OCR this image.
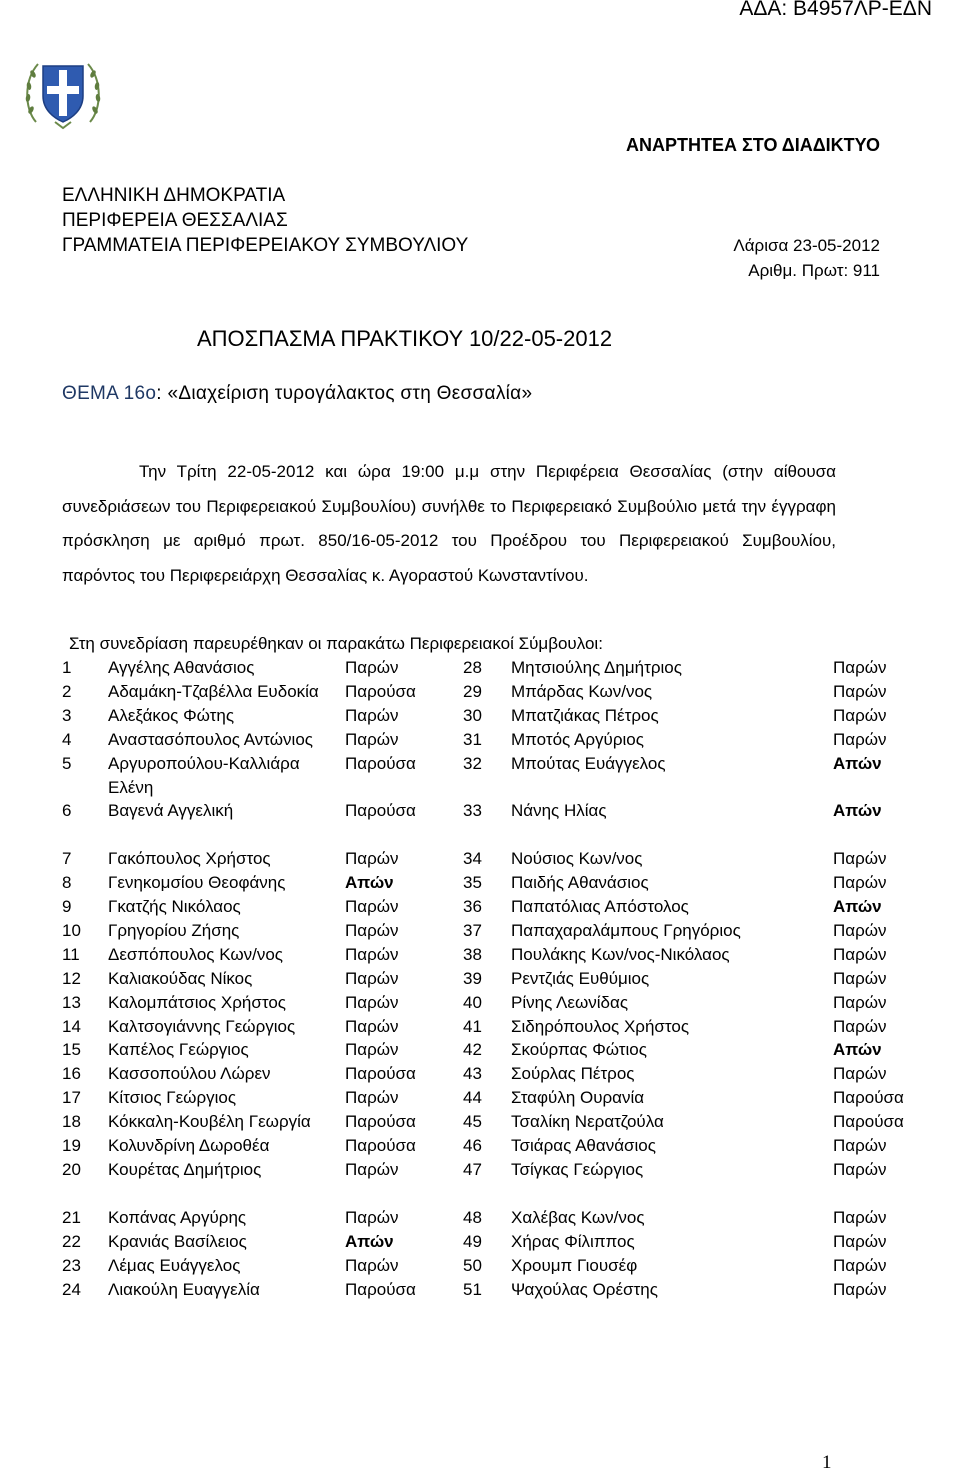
ΑΔΑ: Β4957ΛΡ-ΕΔΝ
ΑΝΑΡΤΗΤΕΑ ΣΤΟ ΔΙΑΔΙΚΤΥΟ
ΕΛΛΗΝΙΚΗ ΔΗΜΟΚΡΑΤΙΑ
ΠΕΡΙΦΕΡΕΙΑ ΘΕΣΣΑΛΙΑΣ
ΓΡΑΜΜΑΤΕΙΑ ΠΕΡΙΦΕΡΕΙΑΚΟΥ ΣΥΜΒΟΥΛΙΟΥ	Λάρισα 23-05-2012
Αριθμ. Πρωτ: 911
ΑΠΟΣΠΑΣΜΑ ΠΡΑΚΤΙΚΟΥ 10/22-05-2012
ΘΕΜΑ 16ο: «Διαχείριση τυρογάλακτος στη Θεσσαλία»

Την Τρίτη 22-05-2012 και ώρα 19:00 μ.μ στην Περιφέρεια Θεσσαλίας (στην αίθουσα συνεδριάσεων του Περιφερειακού Συμβουλίου) συνήλθε το Περιφερειακό Συμβούλιο μετά την έγγραφη πρόσκληση με αριθμό πρωτ. 850/16-05-2012 του Προέδρου του Περιφερειακού Συμβουλίου, παρόντος του Περιφερειάρχη Θεσσαλίας κ. Αγοραστού Κωνσταντίνου.

Στη συνεδρίαση παρευρέθηκαν οι παρακάτω Περιφερειακοί Σύμβουλοι:
1	Αγγέλης Αθανάσιος	Παρών	28	Μητσιούλης Δημήτριος	Παρών
2	Αδαμάκη-Τζαβέλλα Ευδοκία	Παρούσα	29	Μπάρδας Κων/νος	Παρών
3	Αλεξάκος Φώτης	Παρών	30	Μπατζιάκας Πέτρος	Παρών
4	Αναστασόπουλος Αντώνιος	Παρών	31	Μποτός Αργύριος	Παρών
5	Αργυροπούλου-Καλλιάρα Ελένη	Παρούσα	32	Μπούτας Ευάγγελος	Απών
6	Βαγενά Αγγελική	Παρούσα	33	Νάνης Ηλίας	Απών
7	Γακόπουλος Χρήστος	Παρών	34	Νούσιος Κων/νος	Παρών
8	Γενηκομσίου Θεοφάνης	Απών	35	Παιδής Αθανάσιος	Παρών
9	Γκατζής Νικόλαος	Παρών	36	Παπατόλιας Απόστολος	Απών
10	Γρηγορίου Ζήσης	Παρών	37	Παπαχαραλάμπους Γρηγόριος	Παρών
11	Δεσπόπουλος Κων/νος	Παρών	38	Πουλάκης Κων/νος-Νικόλαος	Παρών
12	Καλιακούδας Νίκος	Παρών	39	Ρεντζιάς Ευθύμιος	Παρών
13	Καλομπάτσιος Χρήστος	Παρών	40	Ρίνης Λεωνίδας	Παρών
14	Καλτσογιάννης Γεώργιος	Παρών	41	Σιδηρόπουλος Χρήστος	Παρών
15	Καπέλος Γεώργιος	Παρών	42	Σκούρπας Φώτιος	Απών
16	Κασσοπούλου Λώρεν	Παρούσα	43	Σούρλας Πέτρος	Παρών
17	Κίτσιος Γεώργιος	Παρών	44	Σταφύλη Ουρανία	Παρούσα
18	Κόκκαλη-Κουβέλη Γεωργία	Παρούσα	45	Τσαλίκη Νερατζούλα	Παρούσα
19	Κολυνδρίνη Δωροθέα	Παρούσα	46	Τσιάρας Αθανάσιος	Παρών
20	Κουρέτας Δημήτριος	Παρών	47	Τσίγκας Γεώργιος	Παρών
21	Κοπάνας Αργύρης	Παρών	48	Χαλέβας Κων/νος	Παρών
22	Κρανιάς Βασίλειος	Απών	49	Χήρας Φίλιππος	Παρών
23	Λέμας Ευάγγελος	Παρών	50	Χρουμπ Γιουσέφ	Παρών
24	Λιακούλη Ευαγγελία	Παρούσα	51	Ψαχούλας Ορέστης	Παρών
1
